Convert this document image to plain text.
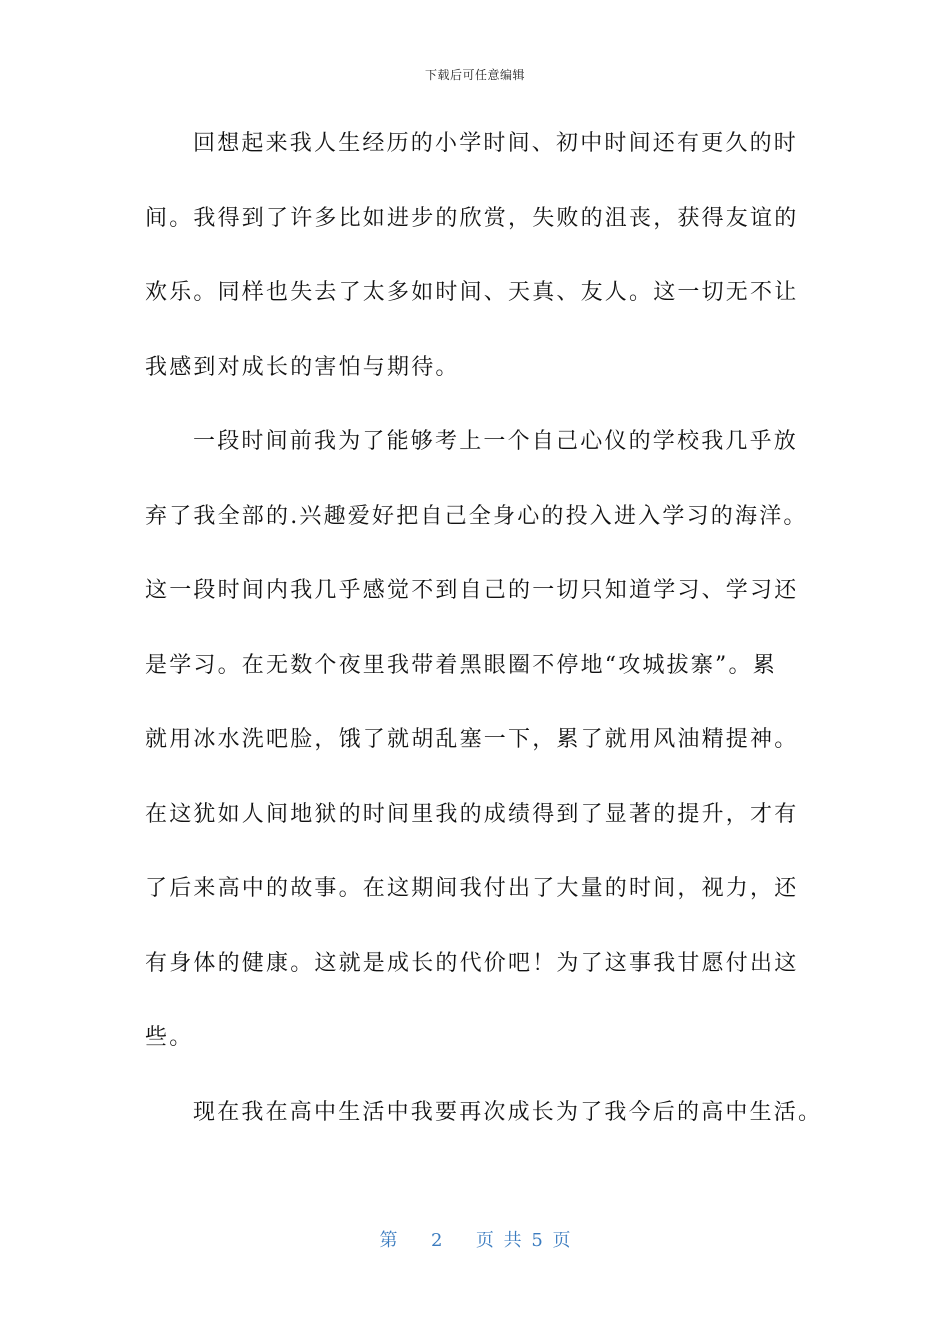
下载后可任意编辑
回想起来我人生经历的小学时间、初中时间还有更久的时
间。我得到了许多比如进步的欣赏，失败的沮丧，获得友谊的
欢乐。同样也失去了太多如时间、天真、友人。这一切无不让
我感到对成长的害怕与期待。
一段时间前我为了能够考上一个自己心仪的学校我几乎放
弃了我全部的.兴趣爱好把自己全身心的投入进入学习的海洋。
这一段时间内我几乎感觉不到自己的一切只知道学习、学习还
是学习。在无数个夜里我带着黑眼圈不停地“攻城拔寨”。累
就用冰水洗吧脸，饿了就胡乱塞一下，累了就用风油精提神。
在这犹如人间地狱的时间里我的成绩得到了显著的提升，才有
了后来高中的故事。在这期间我付出了大量的时间，视力，还
有身体的健康。这就是成长的代价吧！为了这事我甘愿付出这
些。
现在我在高中生活中我要再次成长为了我今后的高中生活。
第 2 页 共 5 页
